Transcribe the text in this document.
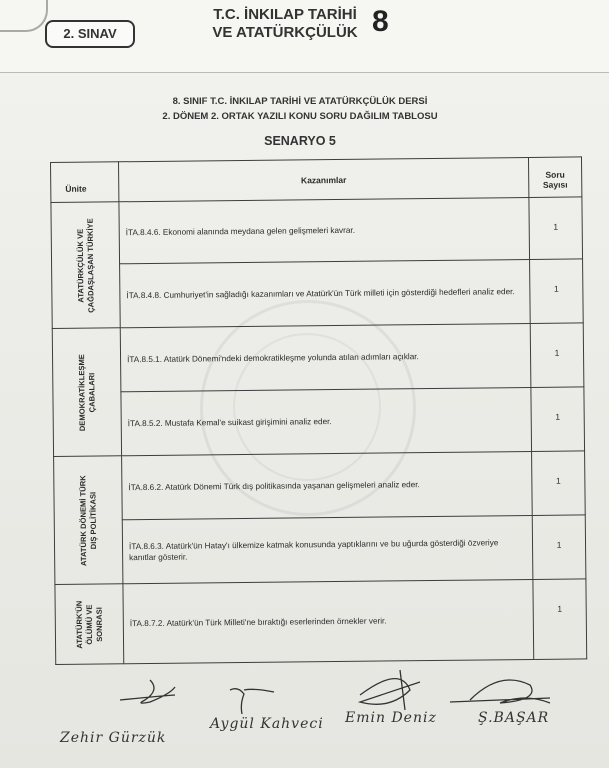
2. SINAV
T.C. İNKILAP TARİHİ
VE ATATÜRKÇÜLÜK 8
8. SINIF T.C. İNKILAP TARİHİ VE ATATÜRKÇÜLÜK DERSİ
2. DÖNEM 2. ORTAK YAZILI KONU SORU DAĞILIM TABLOSU
SENARYO 5
Ünite	Kazanımlar	Soru
Sayısı

ATATÜRKÇÜLÜK VE ÇAĞDAŞLAŞAN TÜRKİYE	İTA.8.4.6. Ekonomi alanında meydana gelen gelişmeleri kavrar.	1
	İTA.8.4.8. Cumhuriyet'in sağladığı kazanımları ve Atatürk'ün Türk milleti için gösterdiği hedefleri analiz eder.	1

DEMOKRATİKLEŞME ÇABALARI	İTA.8.5.1. Atatürk Dönemi'ndeki demokratikleşme yolunda atılan adımları açıklar.	1
	İTA.8.5.2. Mustafa Kemal'e suikast girişimini analiz eder.	1

ATATÜRK DÖNEMİ TÜRK DIŞ POLİTİKASI	İTA.8.6.2. Atatürk Dönemi Türk dış politikasında yaşanan gelişmeleri analiz eder.	1
	İTA.8.6.3. Atatürk'ün Hatay'ı ülkemize katmak konusunda yaptıklarını ve bu uğurda gösterdiği özveriye kanıtlar gösterir.	1

ATATÜRK'ÜN ÖLÜMÜ VE SONRASI	İTA.8.7.2. Atatürk'ün Türk Milleti'ne bıraktığı eserlerinden örnekler verir.	1
Zehir Gürzük
Aygül Kahveci Emin Deniz	Ş.BAŞAR
